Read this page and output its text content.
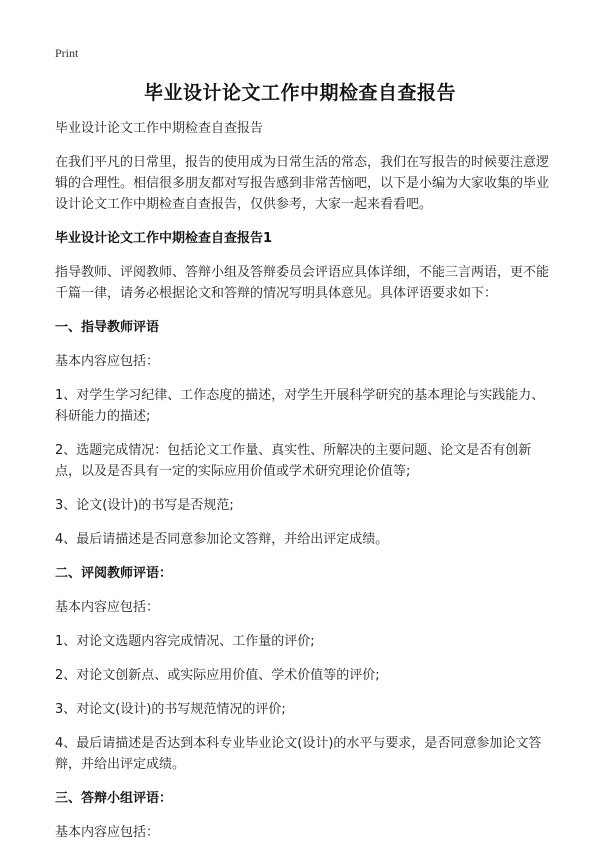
Print
毕业设计论文工作中期检查自查报告

毕业设计论文工作中期检查自查报告

在我们平凡的日常里，报告的使用成为日常生活的常态，我们在写报告的时候要注意逻辑的合理性。相信很多朋友都对写报告感到非常苦恼吧，以下是小编为大家收集的毕业设计论文工作中期检查自查报告，仅供参考，大家一起来看看吧。

毕业设计论文工作中期检查自查报告1

指导教师、评阅教师、答辩小组及答辩委员会评语应具体详细，不能三言两语，更不能千篇一律，请务必根据论文和答辩的情况写明具体意见。具体评语要求如下：

一、指导教师评语

基本内容应包括：

1、对学生学习纪律、工作态度的描述，对学生开展科学研究的基本理论与实践能力、科研能力的描述;

2、选题完成情况：包括论文工作量、真实性、所解决的主要问题、论文是否有创新点，以及是否具有一定的实际应用价值或学术研究理论价值等;

3、论文(设计)的书写是否规范;

4、最后请描述是否同意参加论文答辩，并给出评定成绩。

二、评阅教师评语：

基本内容应包括：

1、对论文选题内容完成情况、工作量的评价;

2、对论文创新点、或实际应用价值、学术价值等的评价;

3、对论文(设计)的书写规范情况的评价;

4、最后请描述是否达到本科专业毕业论文(设计)的水平与要求，是否同意参加论文答辩，并给出评定成绩。

三、答辩小组评语：

基本内容应包括：
